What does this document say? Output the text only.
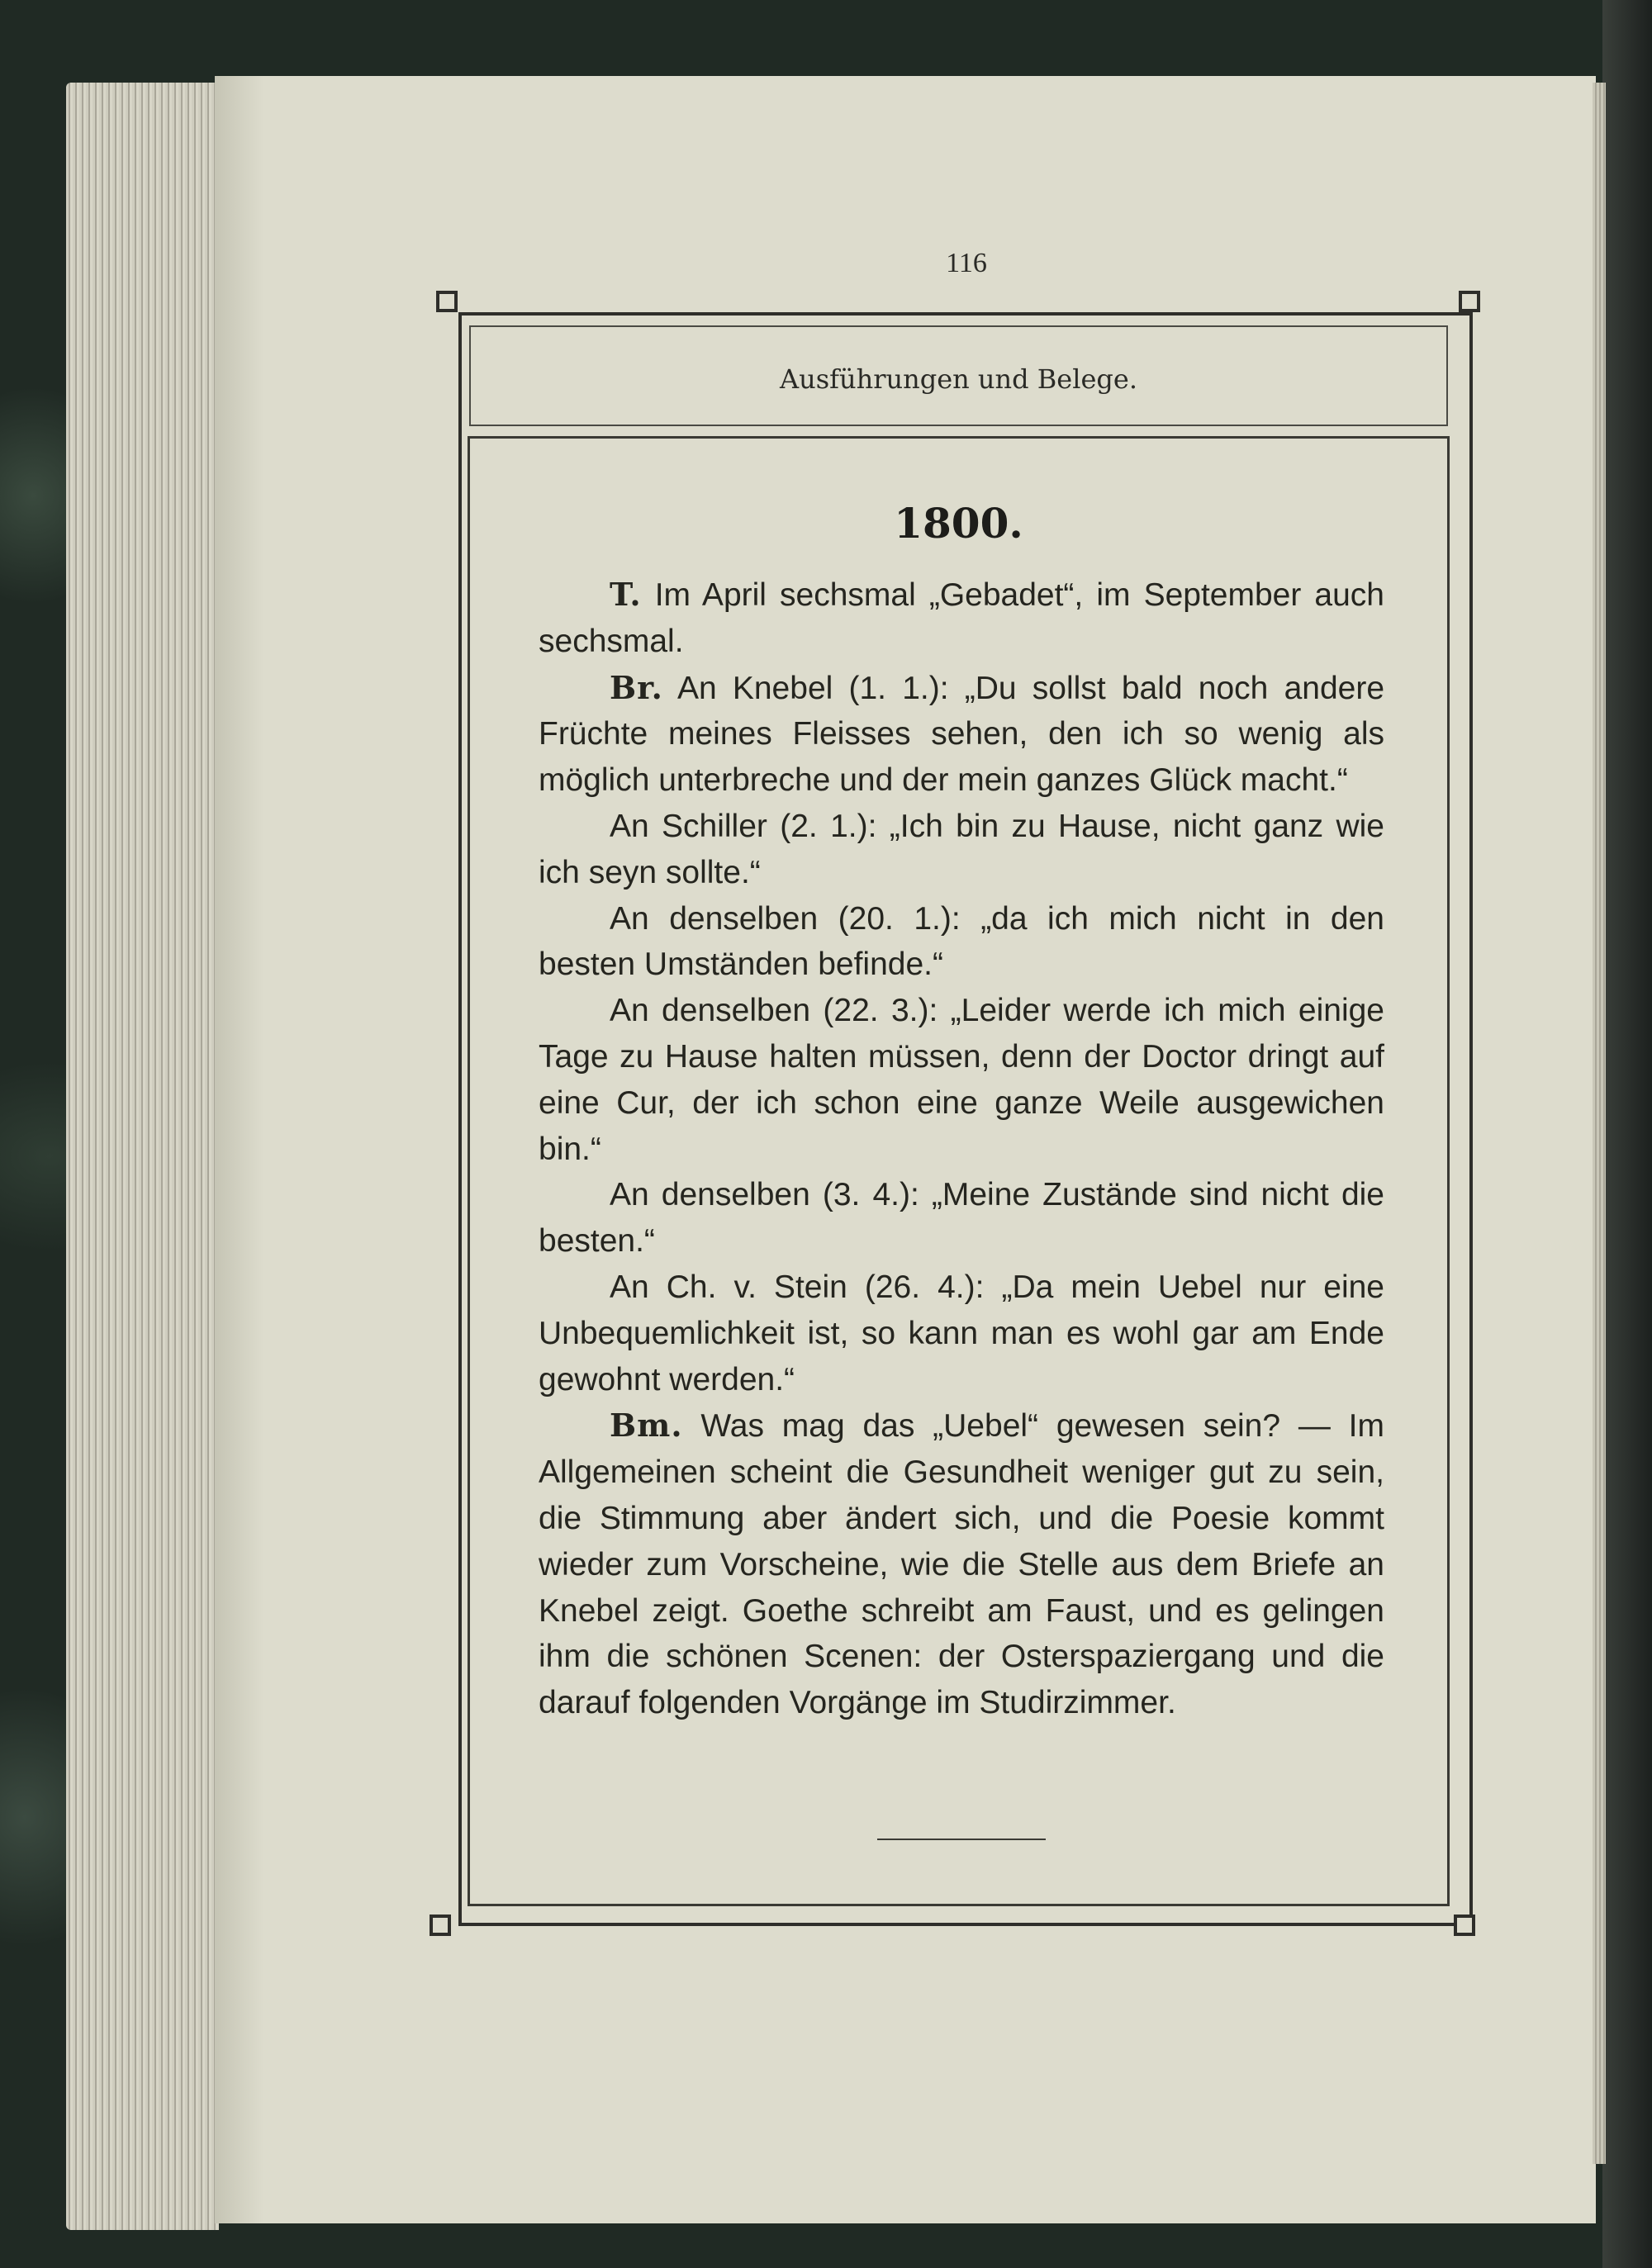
116
Ausführungen und Belege.
1800.

T. Im April sechsmal „Gebadet“, im September auch sechsmal.

Br. An Knebel (1. 1.): „Du sollst bald noch andere Früchte meines Fleisses sehen, den ich so wenig als möglich unterbreche und der mein ganzes Glück macht.“

An Schiller (2. 1.): „Ich bin zu Hause, nicht ganz wie ich seyn sollte.“

An denselben (20. 1.): „da ich mich nicht in den besten Umständen befinde.“

An denselben (22. 3.): „Leider werde ich mich einige Tage zu Hause halten müssen, denn der Doctor dringt auf eine Cur, der ich schon eine ganze Weile ausgewichen bin.“

An denselben (3. 4.): „Meine Zustände sind nicht die besten.“

An Ch. v. Stein (26. 4.): „Da mein Uebel nur eine Unbequemlichkeit ist, so kann man es wohl gar am Ende gewohnt werden.“

Bm. Was mag das „Uebel“ gewesen sein? — Im Allgemeinen scheint die Gesundheit weniger gut zu sein, die Stimmung aber ändert sich, und die Poesie kommt wieder zum Vorscheine, wie die Stelle aus dem Briefe an Knebel zeigt. Goethe schreibt am Faust, und es gelingen ihm die schönen Scenen: der Osterspaziergang und die darauf folgenden Vorgänge im Studirzimmer.
